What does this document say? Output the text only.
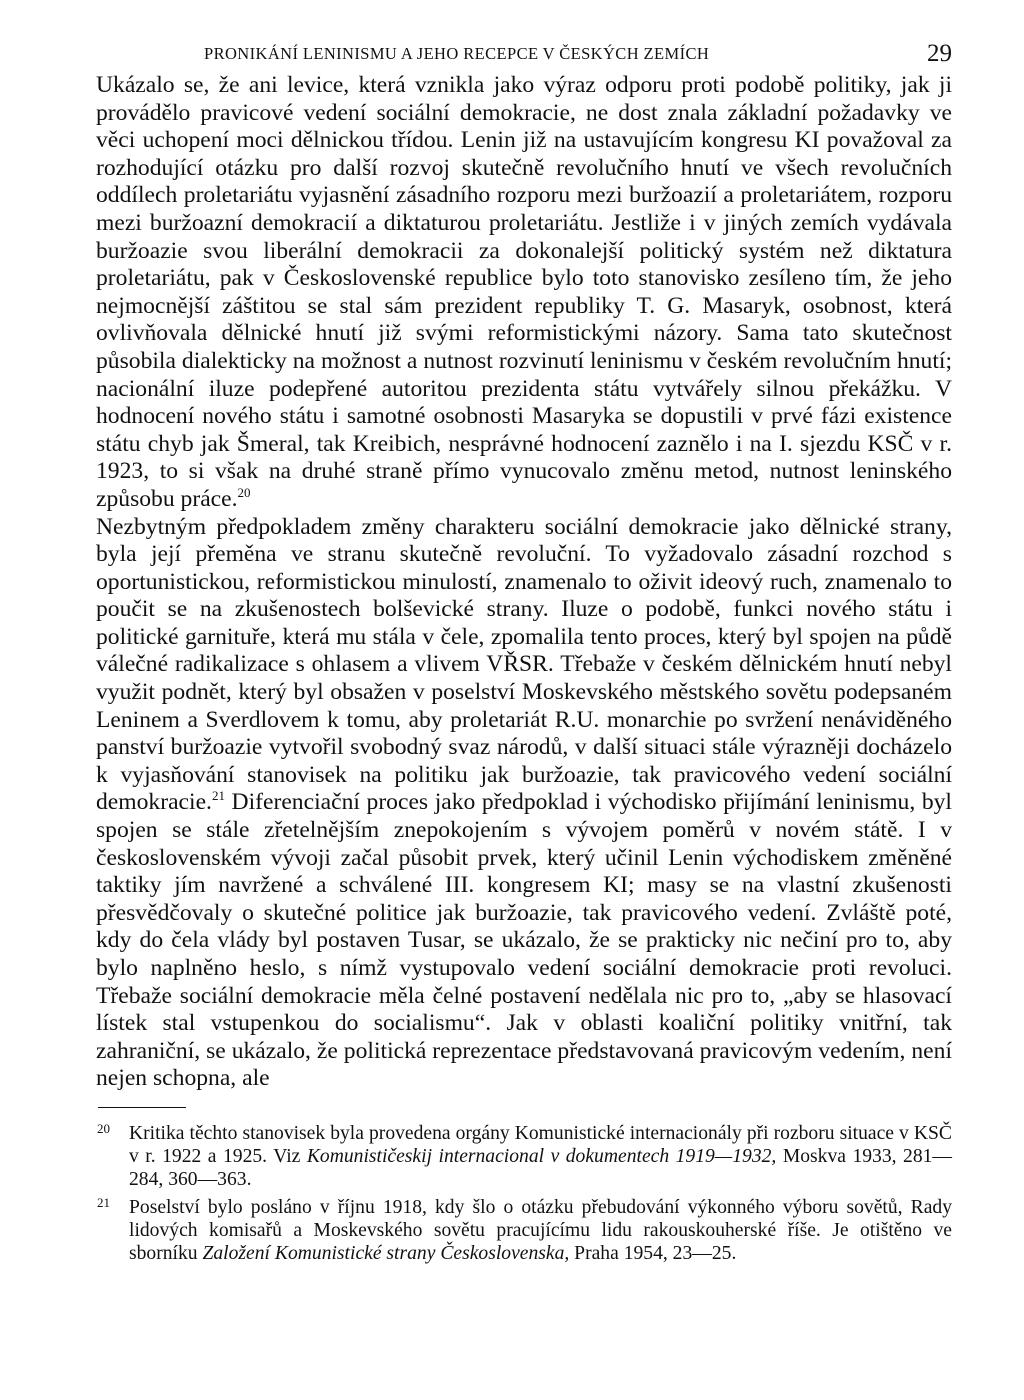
PRONIKÁNÍ LENINISMU A JEHO RECEPCE V ČESKÝCH ZEMÍCH	29

Ukázalo se, že ani levice, která vznikla jako výraz odporu proti podobě politiky, jak ji provádělo pravicové vedení sociální demokracie, ne dost znala základní požadavky ve věci uchopení moci dělnickou třídou. Lenin již na ustavujícím kongresu KI považoval za rozhodující otázku pro další rozvoj skutečně revolučního hnutí ve všech revolučních oddílech proletariátu vyjasnění zásadního rozporu mezi buržoazií a proletariátem, rozporu mezi buržoazní demokracií a diktaturou proletariátu. Jestliže i v jiných zemích vydávala buržoazie svou liberální demokracii za dokonalejší politický systém než diktatura proletariátu, pak v Československé republice bylo toto stanovisko zesíleno tím, že jeho nejmocnější záštitou se stal sám prezident republiky T. G. Masaryk, osobnost, která ovlivňovala dělnické hnutí již svými reformistickými názory. Sama tato skutečnost působila dialekticky na možnost a nutnost rozvinutí leninismu v českém revolučním hnutí; nacionální iluze podepřené autoritou prezidenta státu vytvářely silnou překážku. V hodnocení nového státu i samotné osobnosti Masaryka se dopustili v prvé fázi existence státu chyb jak Šmeral, tak Kreibich, nesprávné hodnocení zaznělo i na I. sjezdu KSČ v r. 1923, to si však na druhé straně přímo vynucovalo změnu metod, nutnost leninského způsobu práce.$^{20}$

Nezbytným předpokladem změny charakteru sociální demokracie jako dělnické strany, byla její přeměna ve stranu skutečně revoluční. To vyžadovalo zásadní rozchod s oportunistickou, reformistickou minulostí, znamenalo to oživit ideový ruch, znamenalo to poučit se na zkušenostech bolševické strany. Iluze o podobě, funkci nového státu i politické garnituře, která mu stála v čele, zpomalila tento proces, který byl spojen na půdě válečné radikalizace s ohlasem a vlivem VŘSR. Třebaže v českém dělnickém hnutí nebyl využit podnět, který byl obsažen v poselství Moskevského městského sovětu podepsaném Leninem a Sverdlovem k tomu, aby proletariát R.U. monarchie po svržení nenáviděného panství buržoazie vytvořil svobodný svaz národů, v další situaci stále výrazněji docházelo k vyjasňování stanovisek na politiku jak buržoazie, tak pravicového vedení sociální demokracie.$^{21}$ Diferenciační proces jako předpoklad i východisko přijímání leninismu, byl spojen se stále zřetelnějším znepokojením s vývojem poměrů v novém státě. I v československém vývoji začal působit prvek, který učinil Lenin východiskem změněné taktiky jím navržené a schválené III. kongresem KI; masy se na vlastní zkušenosti přesvědčovaly o skutečné politice jak buržoazie, tak pravicového vedení. Zvláště poté, kdy do čela vlády byl postaven Tusar, se ukázalo, že se prakticky nic nečiní pro to, aby bylo naplněno heslo, s nímž vystupovalo vedení sociální demokracie proti revoluci. Třebaže sociální demokracie měla čelné postavení nedělala nic pro to, „aby se hlasovací lístek stal vstupenkou do socialismu“. Jak v oblasti koaliční politiky vnitřní, tak zahraniční, se ukázalo, že politická reprezentace představovaná pravicovým vedením, není nejen schopna, ale

20 Kritika těchto stanovisek byla provedena orgány Komunistické internacionály při rozboru situace v KSČ v r. 1922 a 1925. Viz Komunističeskij internacional v dokumentech 1919—1932, Moskva 1933, 281—284, 360—363.
21 Poselství bylo posláno v říjnu 1918, kdy šlo o otázku přebudování výkonného výboru sovětů, Rady lidových komisařů a Moskevského sovětu pracujícímu lidu rakouskouherské říše. Je otištěno ve sborníku Založení Komunistické strany Československa, Praha 1954, 23—25.
